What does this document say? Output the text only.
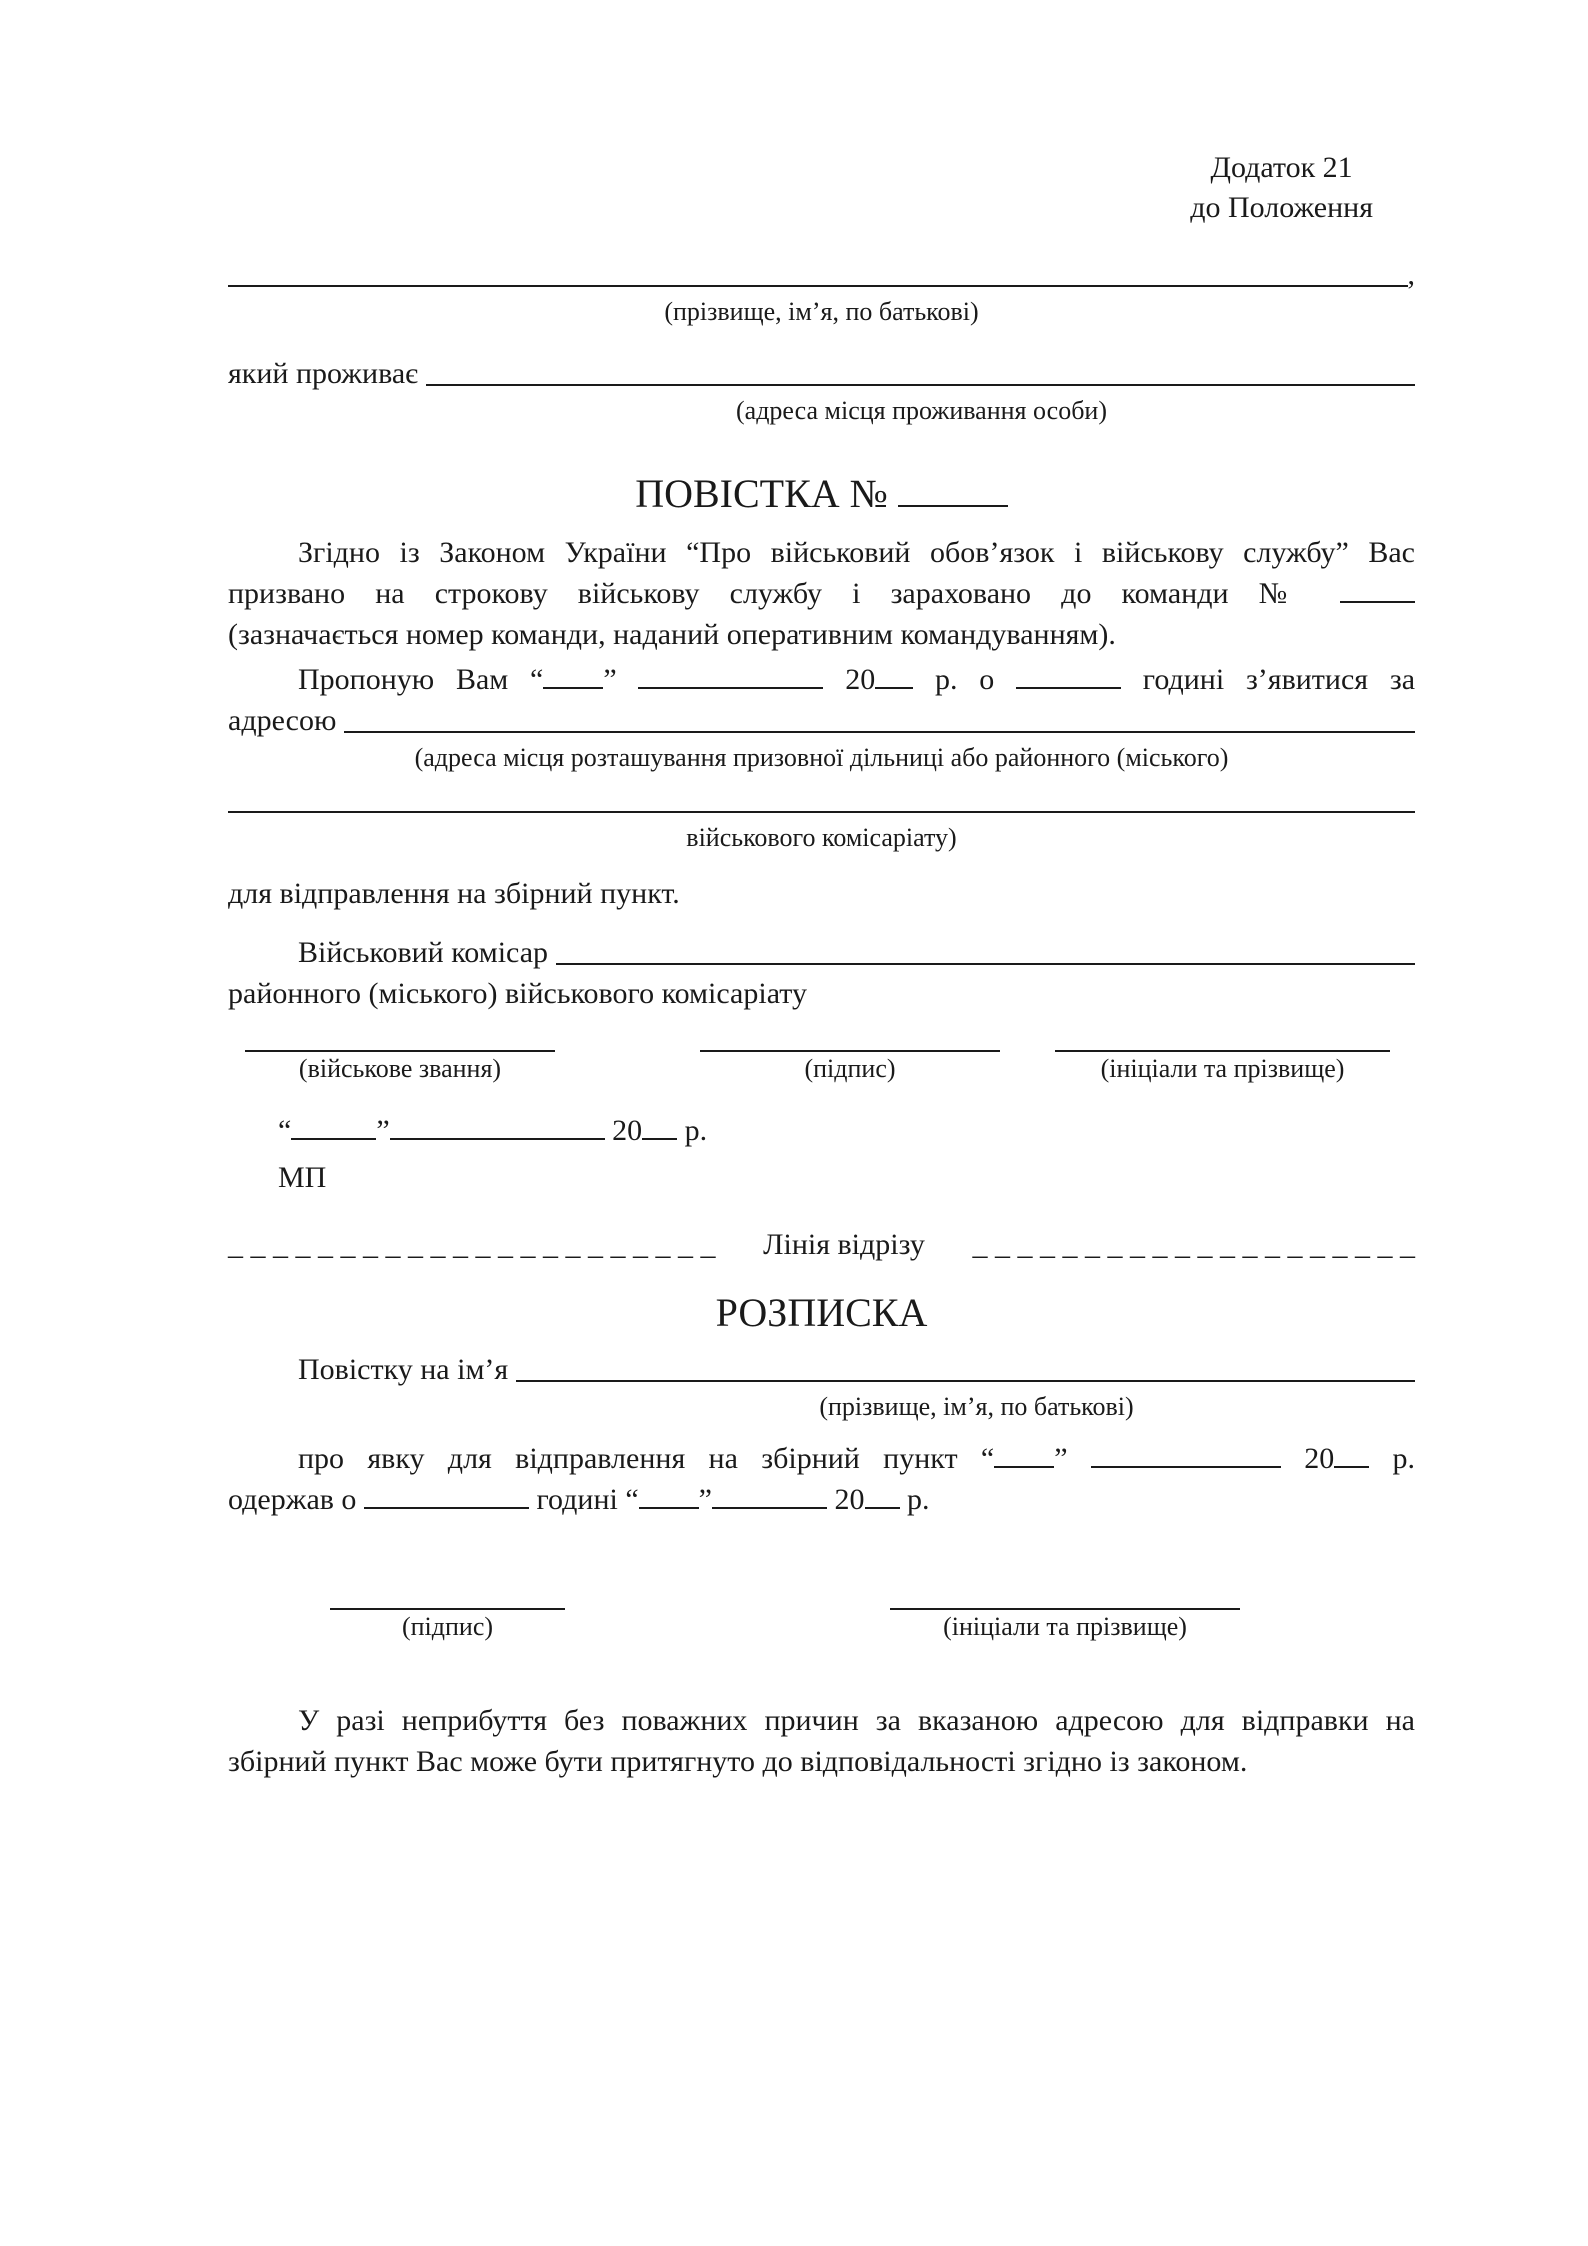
Додаток 21
до Положення
,
(прізвище, ім’я, по батькові)
який проживає
(адреса місця проживання особи)
ПОВІСТКА №
Згідно із Законом України “Про військовий обов’язок і військову службу” Вас
призвано на строкову військову службу і зараховано до команди №
(зазначається номер команди, наданий оперативним командуванням).
Пропоную Вам “ ”	20 р. о	годині з’явитися за
адресою
(адреса місця розташування призовної дільниці або районного (міського)
військового комісаріату)
для відправлення на збірний пункт.
Військовий комісар
районного (міського) військового комісаріату
(військове звання)	(підпис)	(ініціали та прізвище)
“	”	20 р.
МП
_ _ _ _ _ _ _ _ _ _ _ _ _ _ _ _ _ _ _ _ _ _	Лінія відрізу	_ _ _ _ _ _ _ _ _ _ _ _ _ _ _ _ _ _ _ _
РОЗПИСКА
Повістку на ім’я
(прізвище, ім’я, по батькові)
про явку для відправлення на збірний пункт “ ”	20 р.
одержав о	годині “ ”	20 р.
(підпис)	(ініціали та прізвище)
У разі неприбуття без поважних причин за вказаною адресою для відправки на збірний пункт Вас може бути притягнуто до відповідальності згідно із законом.
